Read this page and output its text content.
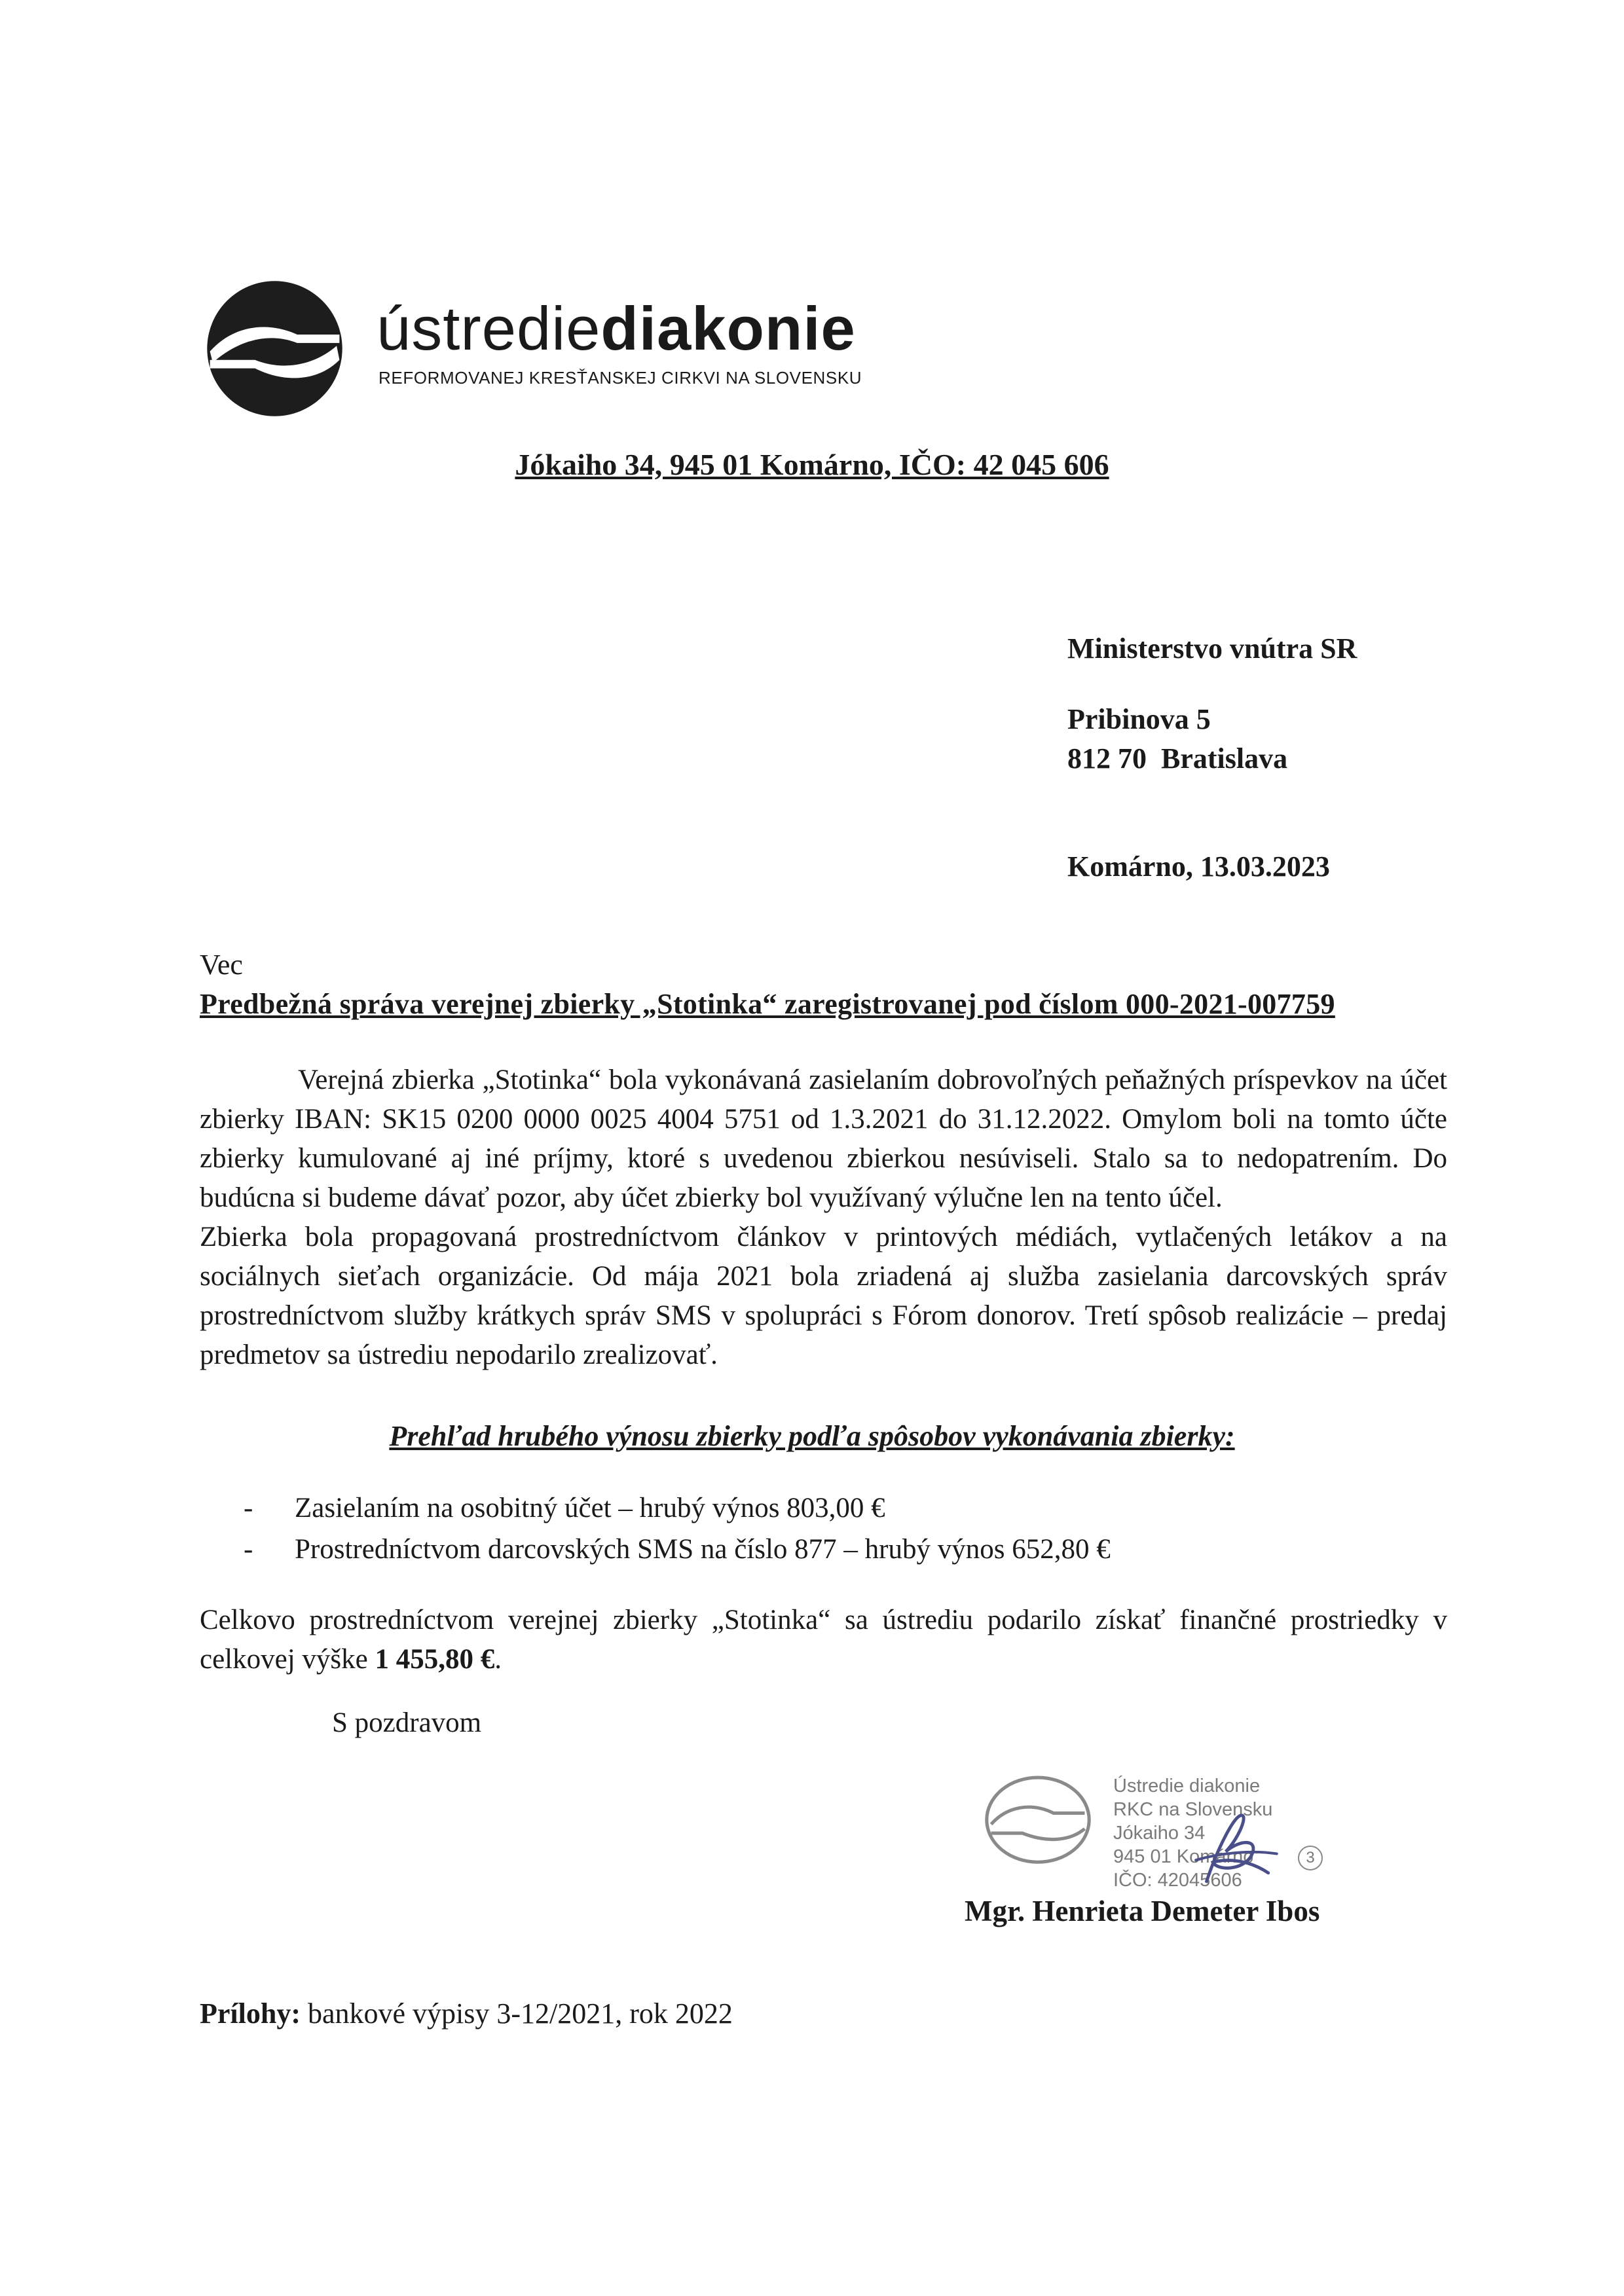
ústrediediakonie
REFORMOVANEJ KRESŤANSKEJ CIRKVI NA SLOVENSKU
Jókaiho 34, 945 01 Komárno, IČO: 42 045 606
Ministerstvo vnútra SR
Pribinova 5
812 70  Bratislava
Komárno, 13.03.2023
Vec
Predbežná správa verejnej zbierky „Stotinka“ zaregistrovanej pod číslom 000-2021-007759

Verejná zbierka „Stotinka“ bola vykonávaná zasielaním dobrovoľných peňažných príspevkov na účet zbierky IBAN: SK15 0200 0000 0025 4004 5751 od 1.3.2021 do 31.12.2022. Omylom boli na tomto účte zbierky kumulované aj iné príjmy, ktoré s uvedenou zbierkou nesúviseli. Stalo sa to nedopatrením. Do budúcna si budeme dávať pozor, aby účet zbierky bol využívaný výlučne len na tento účel.

Zbierka bola propagovaná prostredníctvom článkov v printových médiách, vytlačených letákov a na sociálnych sieťach organizácie. Od mája 2021 bola zriadená aj služba zasielania darcovských správ prostredníctvom služby krátkych správ SMS v spolupráci s Fórom donorov. Tretí spôsob realizácie – predaj predmetov sa ústrediu nepodarilo zrealizovať.

Prehľad hrubého výnosu zbierky podľa spôsobov vykonávania zbierky:
-	Zasielaním na osobitný účet – hrubý výnos 803,00 €
-	Prostredníctvom darcovských SMS na číslo 877 – hrubý výnos 652,80 €
Celkovo prostredníctvom verejnej zbierky „Stotinka“ sa ústrediu podarilo získať finančné prostriedky v celkovej výške 1 455,80 €.
S pozdravom
Ústredie diakonie
RKC na Slovensku
Jókaiho 34
945 01 Komárno
IČO: 42045606
3
Mgr. Henrieta Demeter Ibos
Prílohy: bankové výpisy 3-12/2021, rok 2022
